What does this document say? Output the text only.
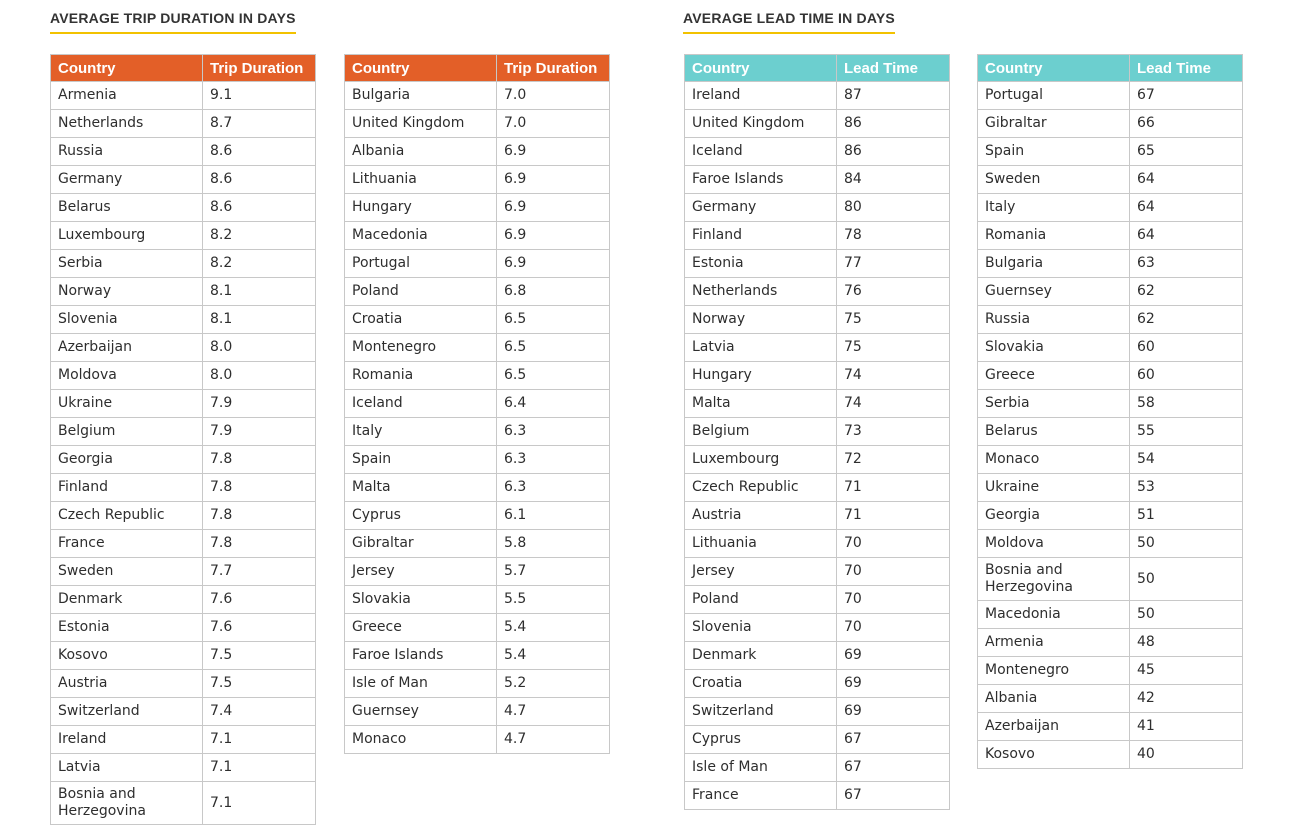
AVERAGE TRIP DURATION IN DAYS	AVERAGE LEAD TIME IN DAYS
Country	Trip Duration
Armenia	9.1
Netherlands	8.7
Russia	8.6
Germany	8.6
Belarus	8.6
Luxembourg	8.2
Serbia	8.2
Norway	8.1
Slovenia	8.1
Azerbaijan	8.0
Moldova	8.0
Ukraine	7.9
Belgium	7.9
Georgia	7.8
Finland	7.8
Czech Republic	7.8
France	7.8
Sweden	7.7
Denmark	7.6
Estonia	7.6
Kosovo	7.5
Austria	7.5
Switzerland	7.4
Ireland	7.1
Latvia	7.1
Bosnia and Herzegovina	7.1
Country	Trip Duration
Bulgaria	7.0
United Kingdom	7.0
Albania	6.9
Lithuania	6.9
Hungary	6.9
Macedonia	6.9
Portugal	6.9
Poland	6.8
Croatia	6.5
Montenegro	6.5
Romania	6.5
Iceland	6.4
Italy	6.3
Spain	6.3
Malta	6.3
Cyprus	6.1
Gibraltar	5.8
Jersey	5.7
Slovakia	5.5
Greece	5.4
Faroe Islands	5.4
Isle of Man	5.2
Guernsey	4.7
Monaco	4.7
Country	Lead Time
Ireland	87
United Kingdom	86
Iceland	86
Faroe Islands	84
Germany	80
Finland	78
Estonia	77
Netherlands	76
Norway	75
Latvia	75
Hungary	74
Malta	74
Belgium	73
Luxembourg	72
Czech Republic	71
Austria	71
Lithuania	70
Jersey	70
Poland	70
Slovenia	70
Denmark	69
Croatia	69
Switzerland	69
Cyprus	67
Isle of Man	67
France	67
Country	Lead Time
Portugal	67
Gibraltar	66
Spain	65
Sweden	64
Italy	64
Romania	64
Bulgaria	63
Guernsey	62
Russia	62
Slovakia	60
Greece	60
Serbia	58
Belarus	55
Monaco	54
Ukraine	53
Georgia	51
Moldova	50
Bosnia and Herzegovina	50
Macedonia	50
Armenia	48
Montenegro	45
Albania	42
Azerbaijan	41
Kosovo	40
